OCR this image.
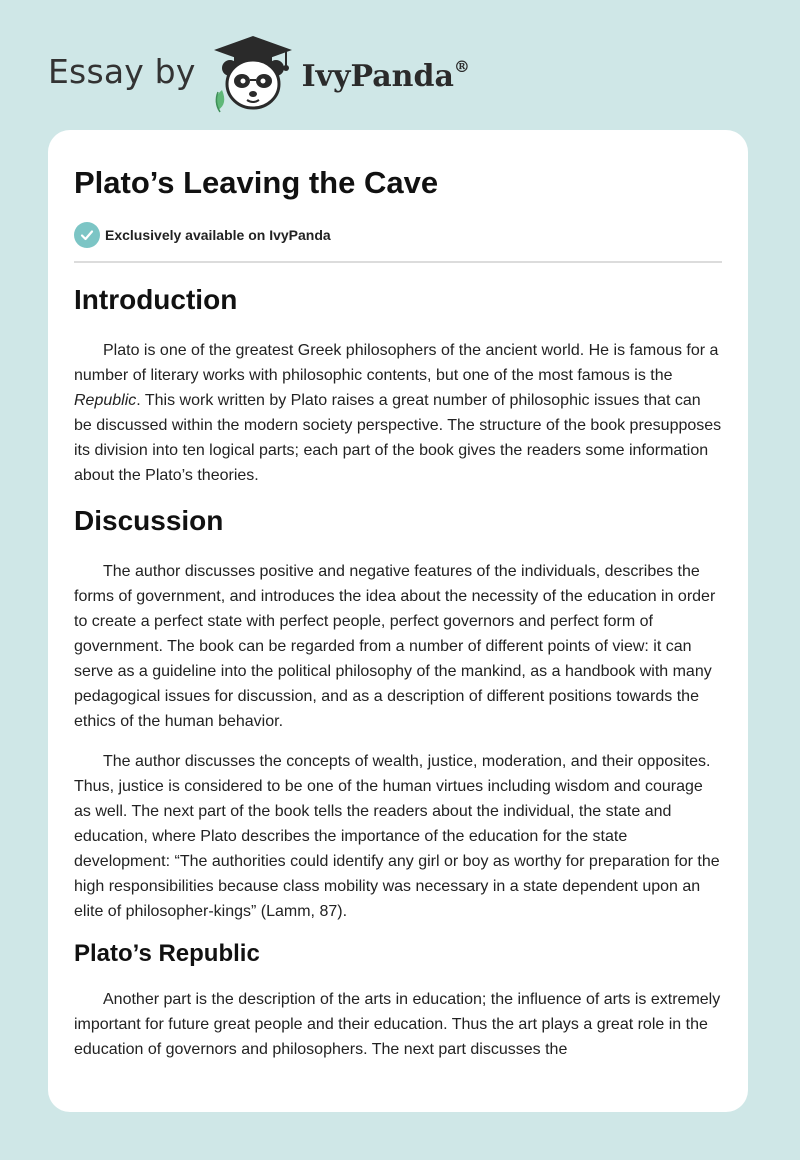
Essay by	IvyPanda®
Plato’s Leaving the Cave
Exclusively available on IvyPanda
Introduction

Plato is one of the greatest Greek philosophers of the ancient world. He is famous for a number of literary works with philosophic contents, but one of the most famous is the Republic. This work written by Plato raises a great number of philosophic issues that can be discussed within the modern society perspective. The structure of the book presupposes its division into ten logical parts; each part of the book gives the readers some information about the Plato’s theories.

Discussion

The author discusses positive and negative features of the individuals, describes the forms of government, and introduces the idea about the necessity of the education in order to create a perfect state with perfect people, perfect governors and perfect form of government. The book can be regarded from a number of different points of view: it can serve as a guideline into the political philosophy of the mankind, as a handbook with many pedagogical issues for discussion, and as a description of different positions towards the ethics of the human behavior.

The author discusses the concepts of wealth, justice, moderation, and their opposites. Thus, justice is considered to be one of the human virtues including wisdom and courage as well. The next part of the book tells the readers about the individual, the state and education, where Plato describes the importance of the education for the state development: “The authorities could identify any girl or boy as worthy for preparation for the high responsibilities because class mobility was necessary in a state dependent upon an elite of philosopher-kings” (Lamm, 87).

Plato’s Republic

Another part is the description of the arts in education; the influence of arts is extremely important for future great people and their education. Thus the art plays a great role in the education of governors and philosophers. The next part discusses the
